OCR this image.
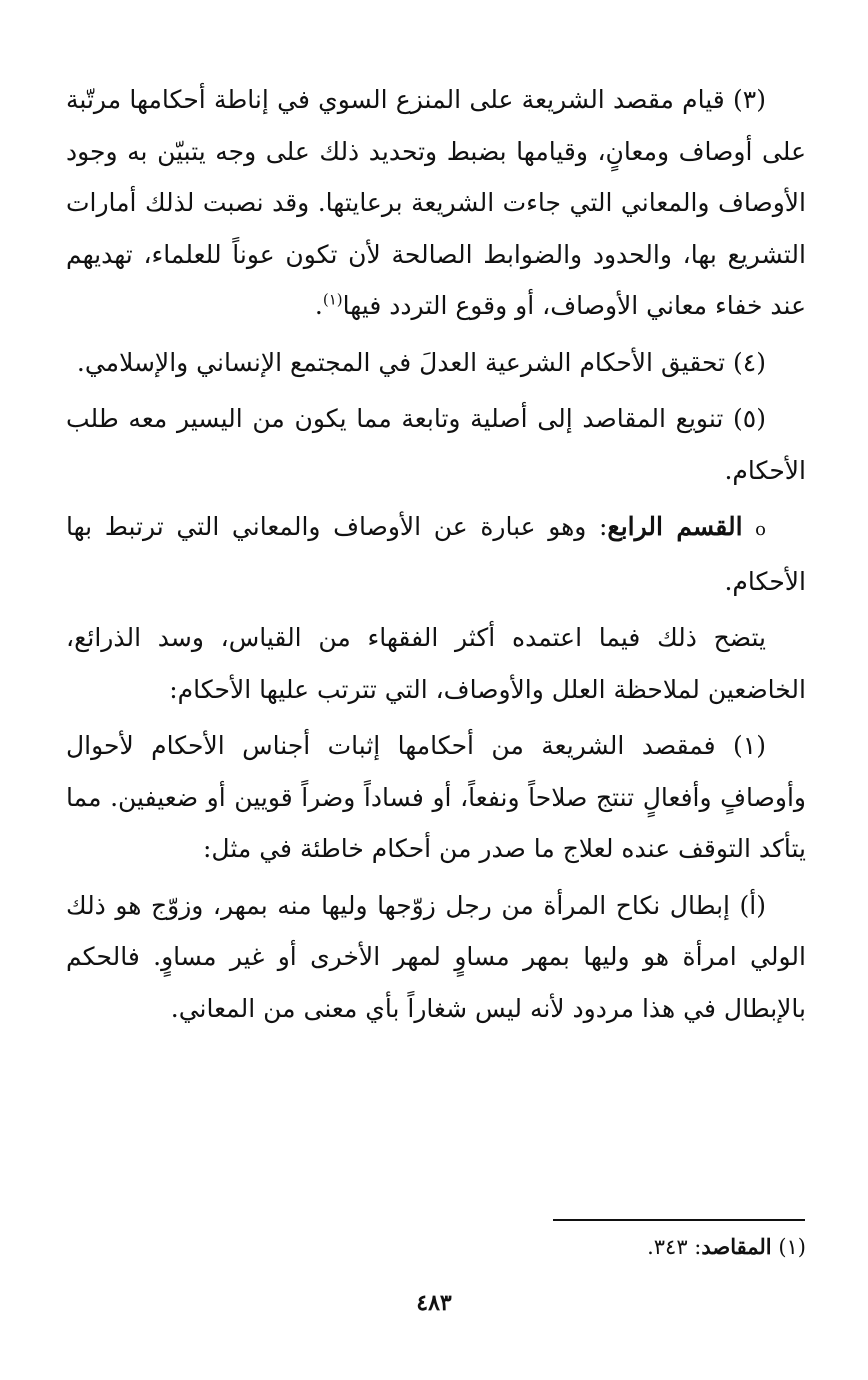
(٣) قيام مقصد الشريعة على المنزع السوي في إناطة أحكامها مرتّبة على أوصاف ومعانٍ، وقيامها بضبط وتحديد ذلك على وجه يتبيّن به وجود الأوصاف والمعاني التي جاءت الشريعة برعايتها. وقد نصبت لذلك أمارات التشريع بها، والحدود والضوابط الصالحة لأن تكون عوناً للعلماء، تهديهم عند خفاء معاني الأوصاف، أو وقوع التردد فيها$^{(١)}$.

(٤) تحقيق الأحكام الشرعية العدلَ في المجتمع الإنساني والإسلامي.

(٥) تنويع المقاصد إلى أصلية وتابعة مما يكون من اليسير معه طلب الأحكام.

o القسم الرابع: وهو عبارة عن الأوصاف والمعاني التي ترتبط بها الأحكام.

يتضح ذلك فيما اعتمده أكثر الفقهاء من القياس، وسد الذرائع، الخاضعين لملاحظة العلل والأوصاف، التي تترتب عليها الأحكام:

(١) فمقصد الشريعة من أحكامها إثبات أجناس الأحكام لأحوال وأوصافٍ وأفعالٍ تنتج صلاحاً ونفعاً، أو فساداً وضراً قويين أو ضعيفين. مما يتأكد التوقف عنده لعلاج ما صدر من أحكام خاطئة في مثل:

(أ) إبطال نكاح المرأة من رجل زوّجها وليها منه بمهر، وزوّج هو ذلك الولي امرأة هو وليها بمهر مساوٍ لمهر الأخرى أو غير مساوٍ. فالحكم بالإبطال في هذا مردود لأنه ليس شغاراً بأي معنى من المعاني.

(١) المقاصد: ٣٤٣.
٤٨٣
